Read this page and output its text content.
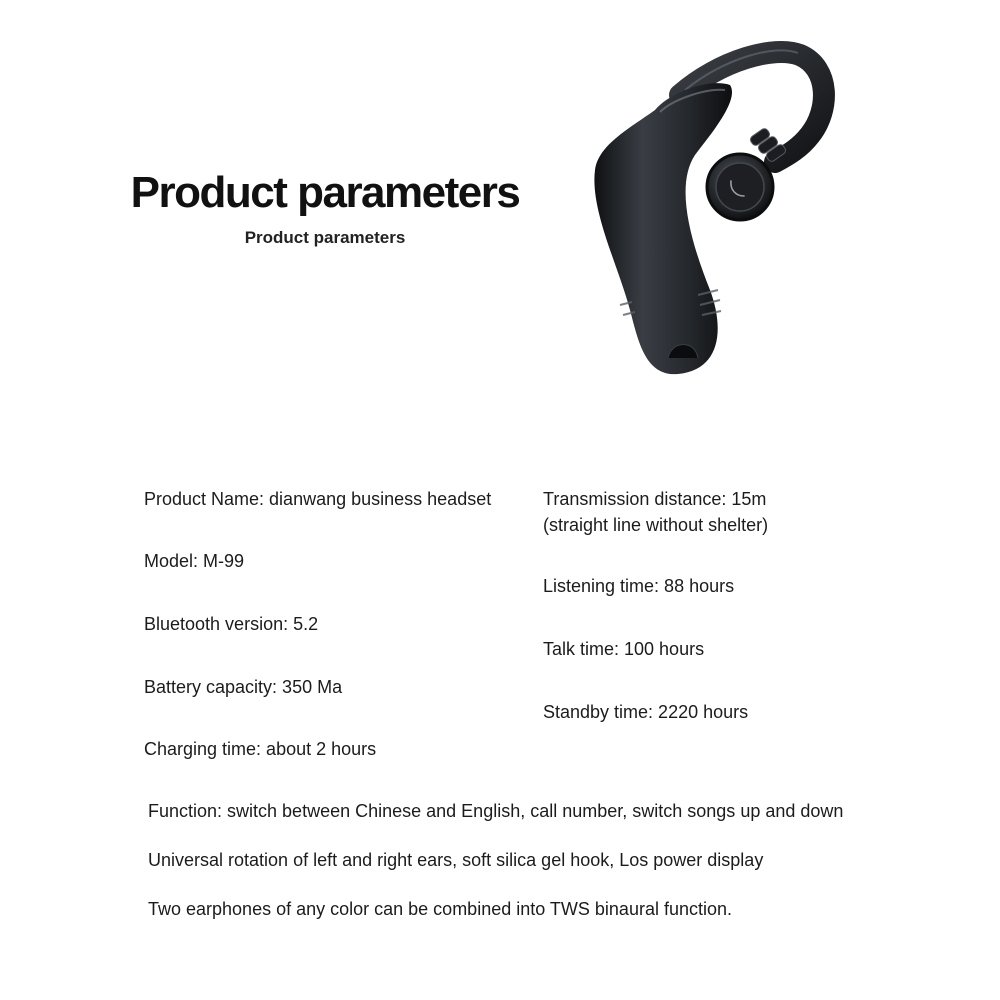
Product parameters
Product parameters
Product Name: dianwang business headset
Model: M-99
Bluetooth version: 5.2
Battery capacity: 350 Ma
Charging time: about 2 hours
Transmission distance: 15m
(straight line without shelter)
Listening time: 88 hours
Talk time: 100 hours
Standby time: 2220 hours
Function: switch between Chinese and English, call number, switch songs up and down
Universal rotation of left and right ears, soft silica gel hook, Los power display
Two earphones of any color can be combined into TWS binaural function.
